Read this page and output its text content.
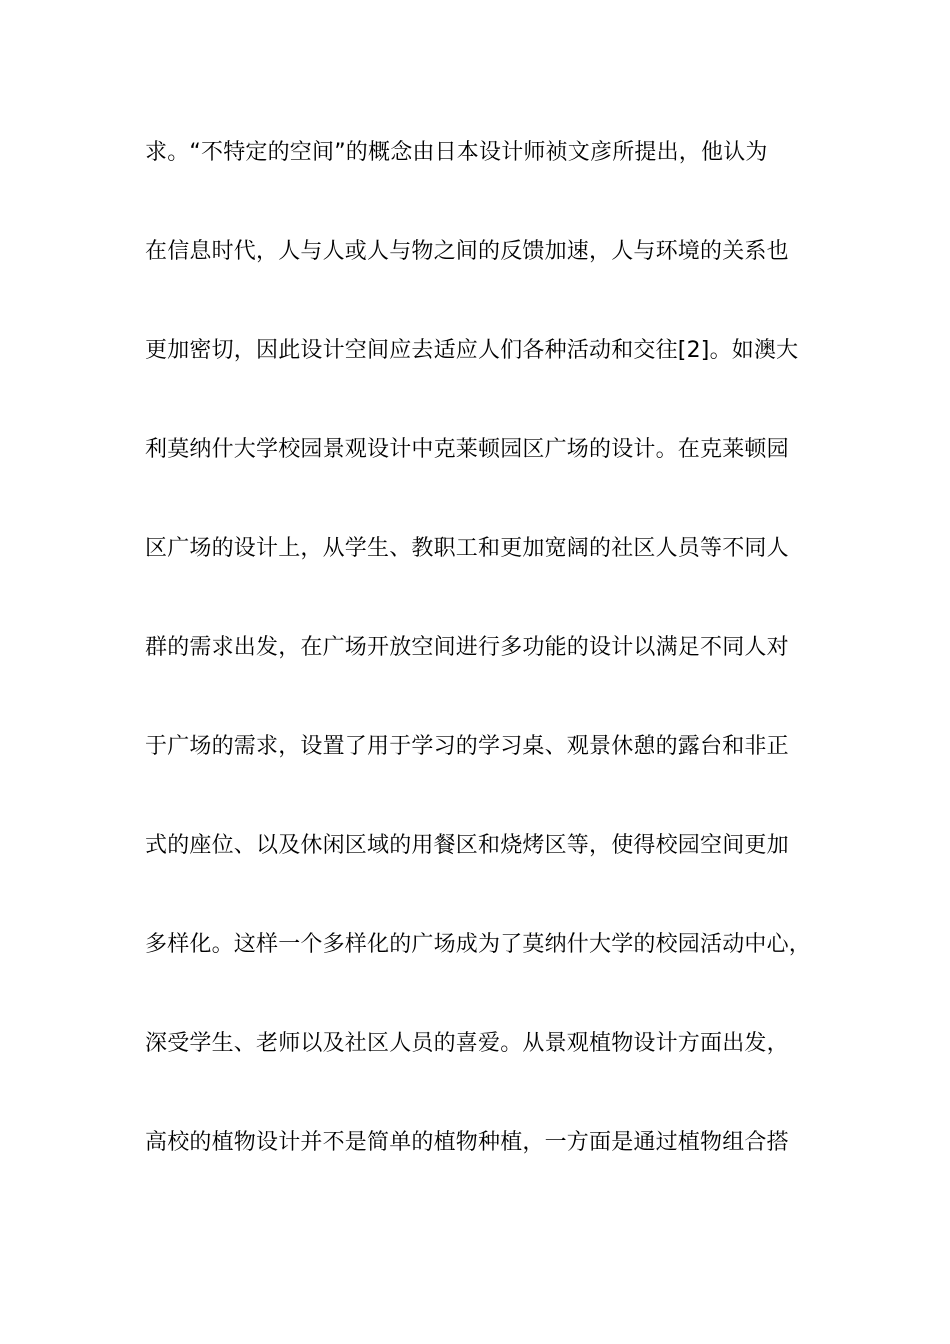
求。“不特定的空间”的概念由日本设计师祯文彦所提出，他认为
在信息时代，人与人或人与物之间的反馈加速，人与环境的关系也
更加密切，因此设计空间应去适应人们各种活动和交往[2]。如澳大
利莫纳什大学校园景观设计中克莱顿园区广场的设计。在克莱顿园
区广场的设计上，从学生、教职工和更加宽阔的社区人员等不同人
群的需求出发，在广场开放空间进行多功能的设计以满足不同人对
于广场的需求，设置了用于学习的学习桌、观景休憩的露台和非正
式的座位、以及休闲区域的用餐区和烧烤区等，使得校园空间更加
多样化。这样一个多样化的广场成为了莫纳什大学的校园活动中心，
深受学生、老师以及社区人员的喜爱。从景观植物设计方面出发，
高校的植物设计并不是简单的植物种植，一方面是通过植物组合搭
